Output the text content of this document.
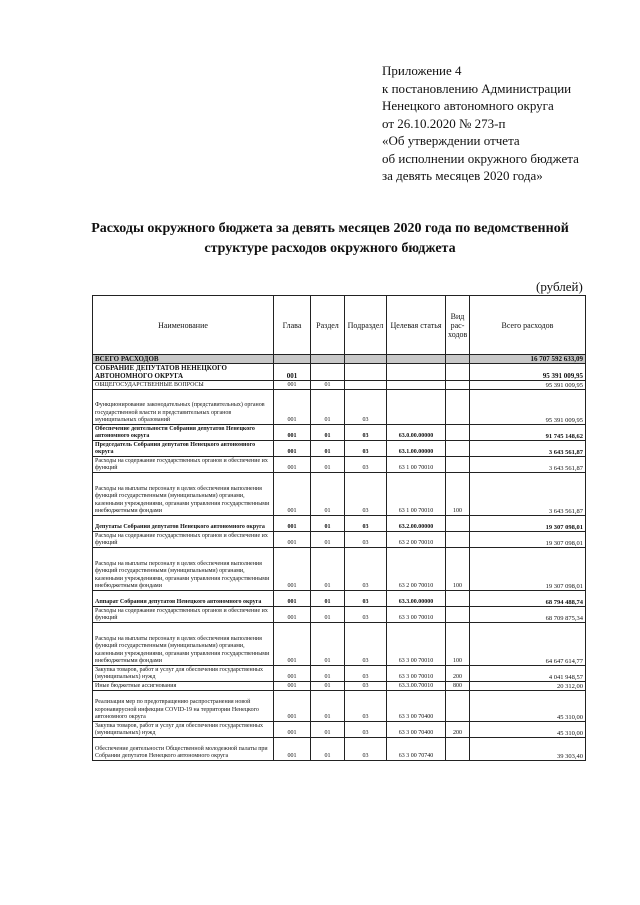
Приложение 4
к постановлению Администрации
Ненецкого автономного округа
от 26.10.2020 № 273-п
«Об утверждении отчета
об исполнении окружного бюджета
за девять месяцев 2020 года»
Расходы окружного бюджета за девять месяцев 2020 года по ведомственной
структуре расходов окружного бюджета
(рублей)
Наименование	Глава	Раздел	Подраздел	Целевая статья	Вид рас-ходов	Всего расходов
ВСЕГО РАСХОДОВ						16 707 592 633,09
СОБРАНИЕ ДЕПУТАТОВ НЕНЕЦКОГО АВТОНОМНОГО ОКРУГА	001					95 391 009,95
ОБЩЕГОСУДАРСТВЕННЫЕ ВОПРОСЫ	001	01				95 391 009,95
Функционирование законодательных (представительных) органов государственной власти и представительных органов муниципальных образований	001	01	03			95 391 009,95
Обеспечение деятельности Собрания депутатов Ненецкого автономного округа	001	01	03	63.0.00.00000		91 745 148,62
Председатель Собрания депутатов Ненецкого автономного округа	001	01	03	63.1.00.00000		3 643 561,87
Расходы на содержание государственных органов и обеспечение их функций	001	01	03	63 1 00 70010		3 643 561,87
Расходы на выплаты персоналу в целях обеспечения выполнения функций государственными (муниципальными) органами, казенными учреждениями, органами управления государственными внебюджетными фондами	001	01	03	63 1 00 70010	100	3 643 561,87
Депутаты Собрания депутатов Ненецкого автономного округа	001	01	03	63.2.00.00000		19 307 098,01
Расходы на содержание государственных органов и обеспечение их функций	001	01	03	63 2 00 70010		19 307 098,01
Расходы на выплаты персоналу в целях обеспечения выполнения функций государственными (муниципальными) органами, казенными учреждениями, органами управления государственными внебюджетными фондами	001	01	03	63 2 00 70010	100	19 307 098,01
Аппарат Собрания депутатов Ненецкого автономного округа	001	01	03	63.3.00.00000		68 794 488,74
Расходы на содержание государственных органов и обеспечение их функций	001	01	03	63 3 00 70010		68 709 875,34
Расходы на выплаты персоналу в целях обеспечения выполнения функций государственными (муниципальными) органами, казенными учреждениями, органами управления государственными внебюджетными фондами	001	01	03	63 3 00 70010	100	64 647 614,77
Закупка товаров, работ и услуг для обеспечения государственных (муниципальных) нужд	001	01	03	63 3 00 70010	200	4 041 948,57
Иные бюджетные ассигнования	001	01	03	63.3.00.70010	800	20 312,00
Реализация мер по предотвращению распространения новой коронавирусной инфекции COVID-19 на территории Ненецкого автономного округа	001	01	03	63 3 00 70400		45 310,00
Закупка товаров, работ и услуг для обеспечения государственных (муниципальных) нужд	001	01	03	63 3 00 70400	200	45 310,00
Обеспечение деятельности Общественной молодежной палаты при Собрании депутатов Ненецкого автономного округа	001	01	03	63 3 00 70740		39 303,40
